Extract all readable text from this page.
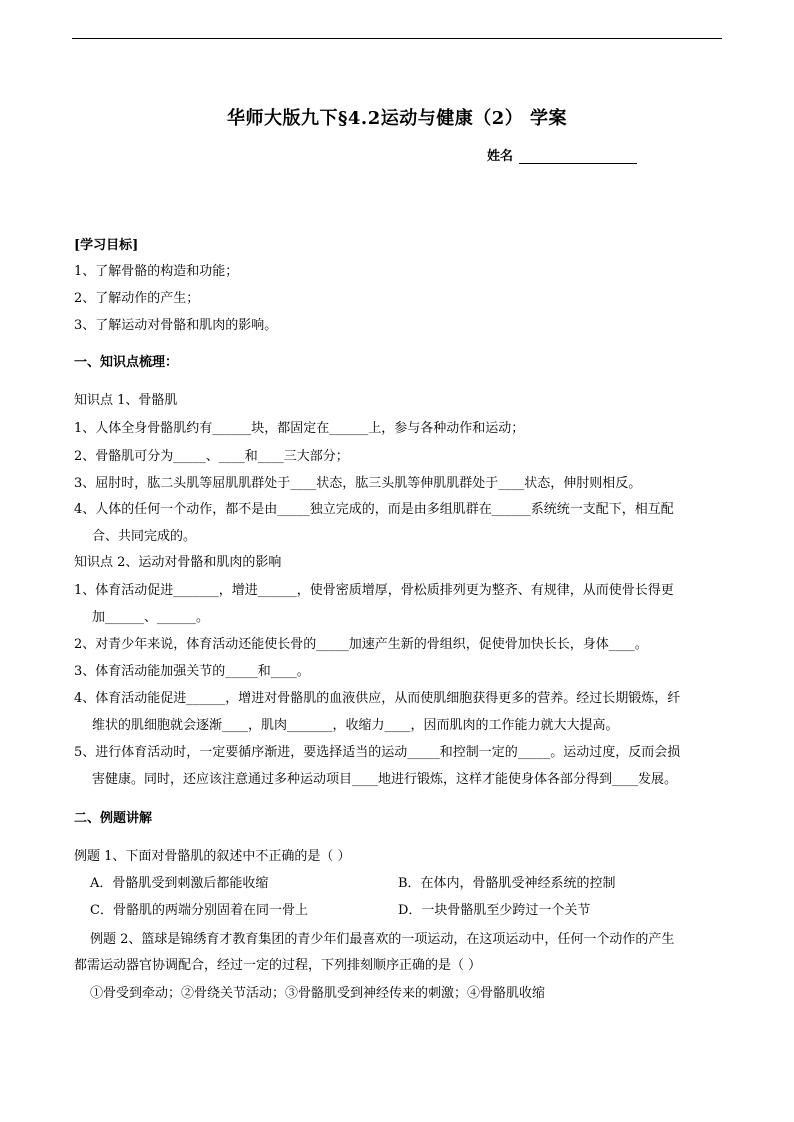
华师大版九下§4.2运动与健康（2） 学案
姓名
[学习目标]
1、了解骨骼的构造和功能；
2、了解动作的产生；
3、了解运动对骨骼和肌肉的影响。
一、知识点梳理：
知识点 1、骨骼肌
1、人体全身骨骼肌约有______块，都固定在______上，参与各种动作和运动；
2、骨骼肌可分为_____、____和____三大部分；
3、屈肘时，肱二头肌等屈肌肌群处于____状态，肱三头肌等伸肌肌群处于____状态，伸肘则相反。
4、人体的任何一个动作，都不是由_____独立完成的，而是由多组肌群在______系统统一支配下，相互配
合、共同完成的。
知识点 2、运动对骨骼和肌肉的影响
1、体育活动促进_______，增进______，使骨密质增厚，骨松质排列更为整齐、有规律，从而使骨长得更
加______、______。
2、对青少年来说，体育活动还能使长骨的_____加速产生新的骨组织，促使骨加快长长，身体____。
3、体育活动能加强关节的_____和____。
4、体育活动能促进______，增进对骨骼肌的血液供应，从而使肌细胞获得更多的营养。经过长期锻炼，纤
维状的肌细胞就会逐渐____，肌肉_______，收缩力____，因而肌肉的工作能力就大大提高。
5、进行体育活动时，一定要循序渐进，要选择适当的运动_____和控制一定的_____。运动过度，反而会损
害健康。同时，还应该注意通过多种运动项目____地进行锻炼，这样才能使身体各部分得到____发展。
二、例题讲解
例题 1、下面对骨骼肌的叙述中不正确的是（ ）
A．骨骼肌受到刺激后都能收缩	B．在体内，骨骼肌受神经系统的控制
C．骨骼肌的两端分别固着在同一骨上	D．一块骨骼肌至少跨过一个关节
例题 2、篮球是锦绣育才教育集团的青少年们最喜欢的一项运动，在这项运动中，任何一个动作的产生
都需运动器官协调配合，经过一定的过程，下列排刻顺序正确的是（ ）
①骨受到牵动；②骨绕关节活动；③骨骼肌受到神经传来的刺激；④骨骼肌收缩
